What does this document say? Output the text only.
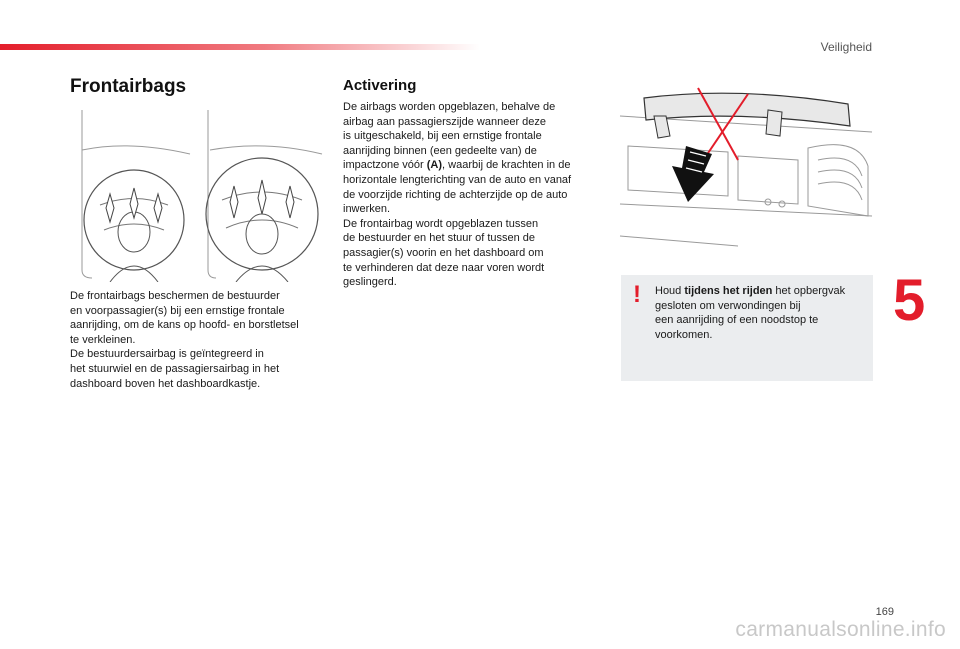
Veiligheid
5
Frontairbags

De frontairbags beschermen de bestuurder
en voorpassagier(s) bij een ernstige frontale
aanrijding, om de kans op hoofd- en borstletsel
te verkleinen.
De bestuurdersairbag is geïntegreerd in
het stuurwiel en de passagiersairbag in het
dashboard boven het dashboardkastje.

Activering

De airbags worden opgeblazen, behalve de
airbag aan passagierszijde wanneer deze
is uitgeschakeld, bij een ernstige frontale
aanrijding binnen (een gedeelte van) de
impactzone vóór (A), waarbij de krachten in de
horizontale lengterichting van de auto en vanaf
de voorzijde richting de achterzijde op de auto
inwerken.
De frontairbag wordt opgeblazen tussen
de bestuurder en het stuur of tussen de
passagier(s) voorin en het dashboard om
te verhinderen dat deze naar voren wordt
geslingerd.	! Houd tijdens het rijden het opbergvak
gesloten om verwondingen bij
een aanrijding of een noodstop te
voorkomen.
169
carmanualsonline.info
